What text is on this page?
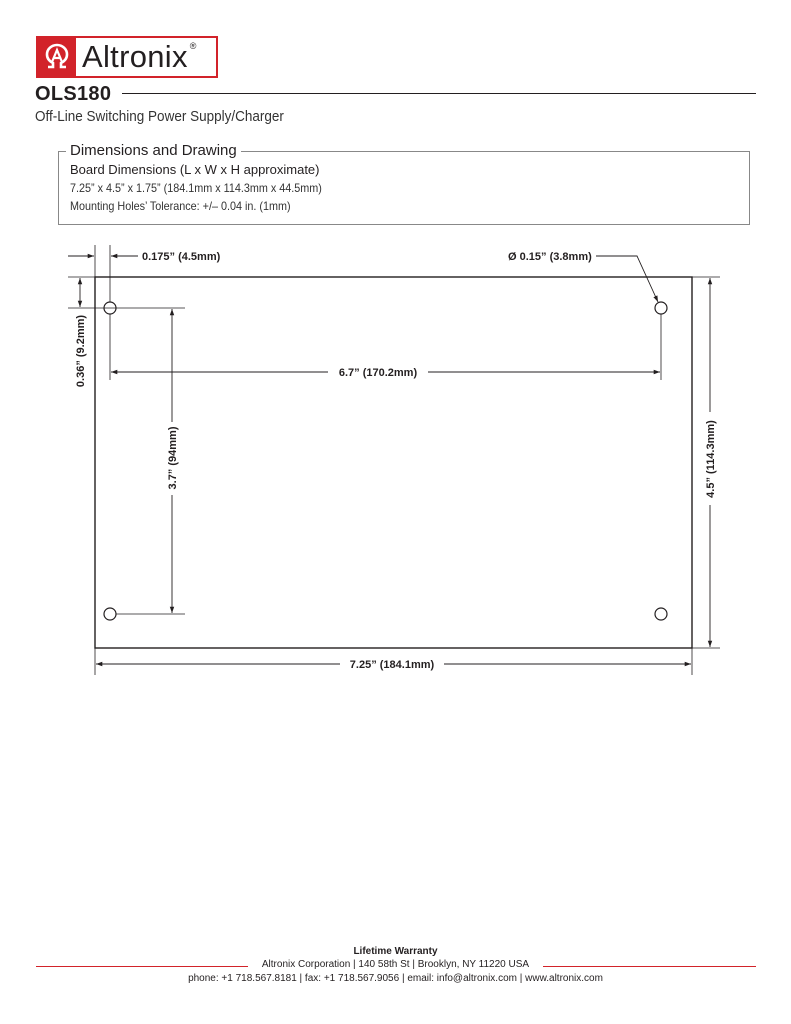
Altronix ®
OLS180
Off-Line Switching Power Supply/Charger
Dimensions and Drawing
Board Dimensions (L x W x H approximate)
7.25” x 4.5” x 1.75” (184.1mm x 114.3mm x 44.5mm)
Mounting Holes’ Tolerance: +/– 0.04 in. (1mm)
0.175” (4.5mm)	Ø 0.15” (3.8mm)
0.36” (9.2mm)	6.7” (170.2mm)
3.7” (94mm)	4.5” (114.3mm)
7.25” (184.1mm)
Lifetime Warranty
Altronix Corporation | 140 58th St | Brooklyn, NY 11220 USA
phone: +1 718.567.8181 | fax: +1 718.567.9056 | email: info@altronix.com | www.altronix.com
